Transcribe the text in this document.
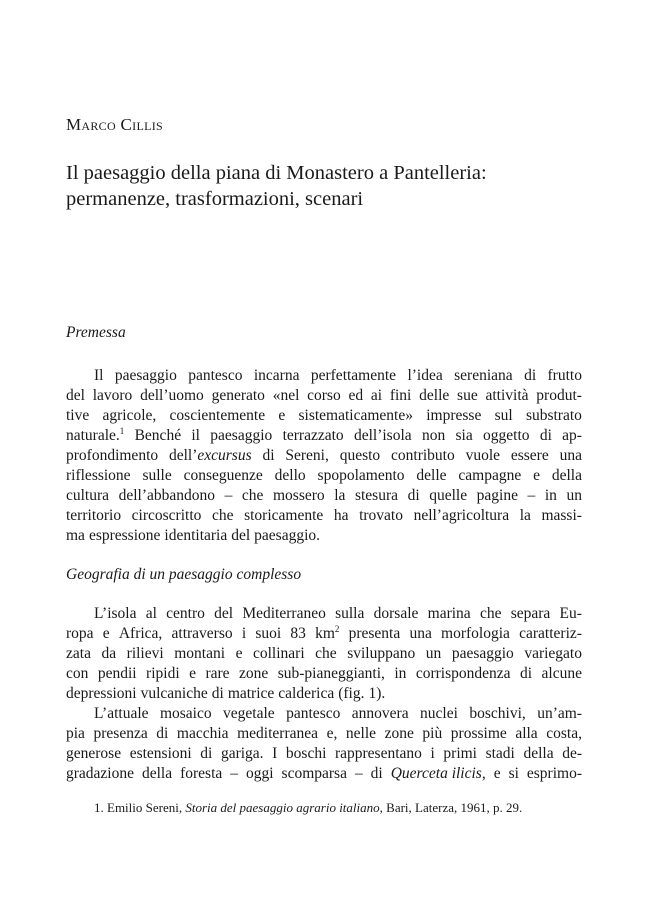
Marco Cillis
Il paesaggio della piana di Monastero a Pantelleria:
permanenze, trasformazioni, scenari
Premessa
Il paesaggio pantesco incarna perfettamente l’idea sereniana di frutto
del lavoro dell’uomo generato «nel corso ed ai fini delle sue attività produt-
tive agricole, coscientemente e sistematicamente» impresse sul substrato
naturale.$^1$ Benché il paesaggio terrazzato dell’isola non sia oggetto di ap-
profondimento dell’excursus di Sereni, questo contributo vuole essere una
riflessione sulle conseguenze dello spopolamento delle campagne e della
cultura dell’abbandono – che mossero la stesura di quelle pagine – in un
territorio circoscritto che storicamente ha trovato nell’agricoltura la massi-
ma espressione identitaria del paesaggio.
Geografia di un paesaggio complesso
L’isola al centro del Mediterraneo sulla dorsale marina che separa Eu-
ropa e Africa, attraverso i suoi 83 $km^2$ presenta una morfologia caratteriz-
zata da rilievi montani e collinari che sviluppano un paesaggio variegato
con pendii ripidi e rare zone sub-pianeggianti, in corrispondenza di alcune
depressioni vulcaniche di matrice calderica (fig. 1).
L’attuale mosaico vegetale pantesco annovera nuclei boschivi, un’am-
pia presenza di macchia mediterranea e, nelle zone più prossime alla costa,
generose estensioni di gariga. I boschi rappresentano i primi stadi della de-
gradazione della foresta – oggi scomparsa – di Querceta ilicis, e si esprimo-
1. Emilio Sereni, Storia del paesaggio agrario italiano, Bari, Laterza, 1961, p. 29.
